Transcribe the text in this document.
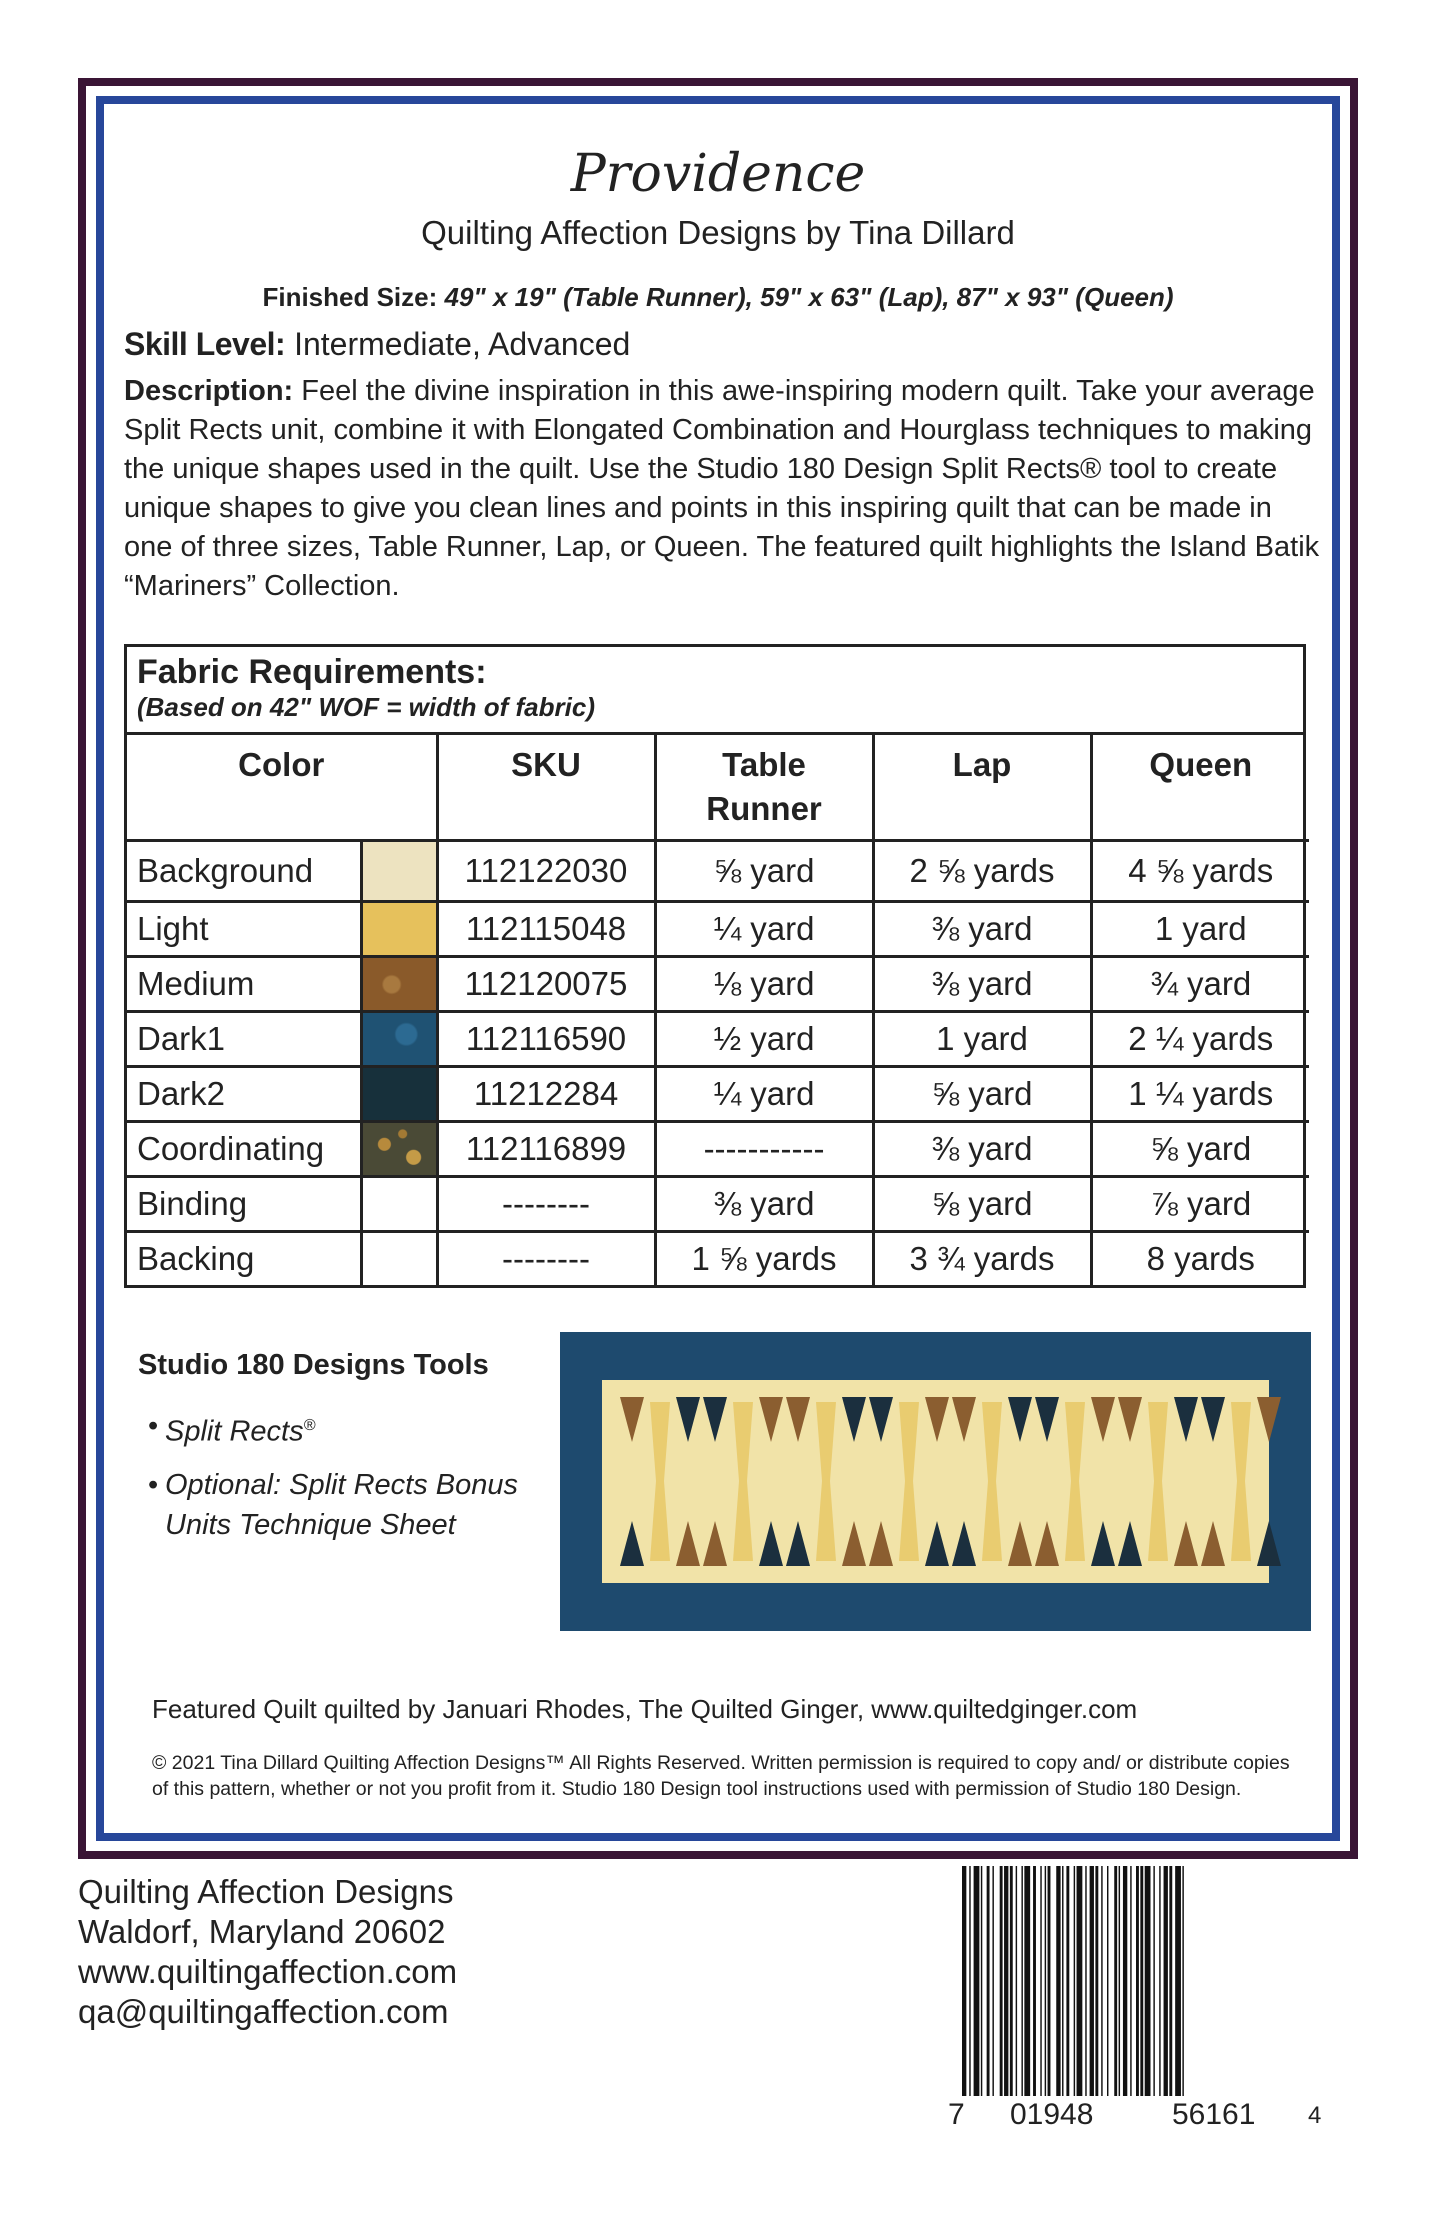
Providence
Quilting Affection Designs by Tina Dillard
Finished Size: 49" x 19" (Table Runner), 59" x 63" (Lap), 87" x 93" (Queen)
Skill Level: Intermediate, Advanced
Description: Feel the divine inspiration in this awe-inspiring modern quilt. Take your average Split Rects unit, combine it with Elongated Combination and Hourglass techniques to making the unique shapes used in the quilt. Use the Studio 180 Design Split Rects® tool to create unique shapes to give you clean lines and points in this inspiring quilt that can be made in one of three sizes, Table Runner, Lap, or Queen. The featured quilt highlights the Island Batik “Mariners” Collection.
Fabric Requirements:
(Based on 42" WOF = width of fabric)
Color		SKU	Table Runner	Lap	Queen
Background		112122030	⅝ yard	2 ⅝ yards	4 ⅝ yards
Light		112115048	¼ yard	⅜ yard	1 yard
Medium		112120075	⅛ yard	⅜ yard	¾ yard
Dark1		112116590	½ yard	1 yard	2 ¼ yards
Dark2		11212284	¼ yard	⅝ yard	1 ¼ yards
Coordinating		112116899	-----------	⅜ yard	⅝ yard
Binding		--------	⅜ yard	⅝ yard	⅞ yard
Backing		--------	1 ⅝ yards	3 ¾ yards	8 yards
Studio 180 Designs Tools
• Split Rects®
• Optional: Split Rects Bonus Units Technique Sheet
Featured Quilt quilted by Januari Rhodes, The Quilted Ginger, www.quiltedginger.com
© 2021 Tina Dillard Quilting Affection Designs™ All Rights Reserved. Written permission is required to copy and/ or distribute copies of this pattern, whether or not you profit from it. Studio 180 Design tool instructions used with permission of Studio 180 Design.
Quilting Affection Designs
Waldorf, Maryland 20602
www.quiltingaffection.com
qa@quiltingaffection.com
7 01948	56161 4
